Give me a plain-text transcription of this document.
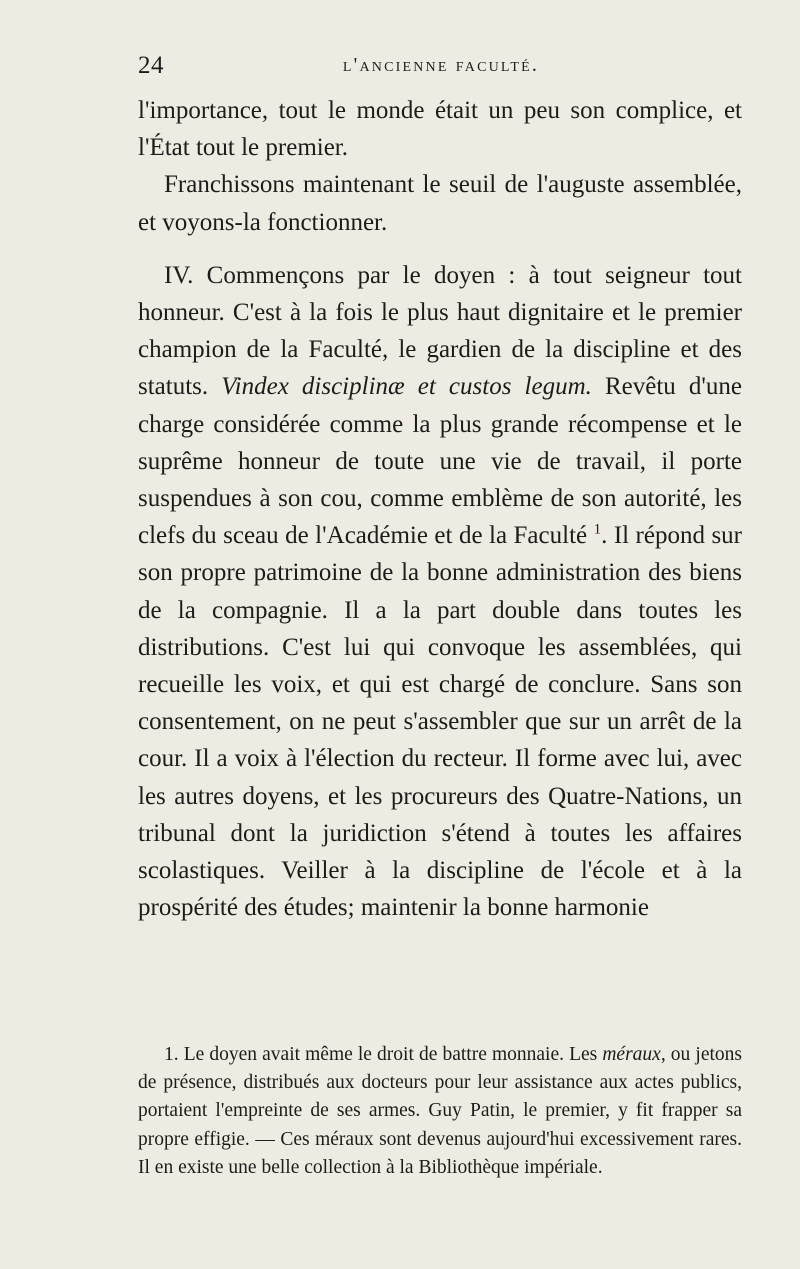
24	l'ancienne faculté.

l'importance, tout le monde était un peu son complice, et l'État tout le premier.

Franchissons maintenant le seuil de l'auguste assemblée, et voyons-la fonctionner.

IV. Commençons par le doyen : à tout seigneur tout honneur. C'est à la fois le plus haut dignitaire et le premier champion de la Faculté, le gardien de la discipline et des statuts. Vindex disciplinæ et custos legum. Revêtu d'une charge considérée comme la plus grande récompense et le suprême honneur de toute une vie de travail, il porte suspendues à son cou, comme emblème de son autorité, les clefs du sceau de l'Académie et de la Faculté $^1$. Il répond sur son propre patrimoine de la bonne administration des biens de la compagnie. Il a la part double dans toutes les distributions. C'est lui qui convoque les assemblées, qui recueille les voix, et qui est chargé de conclure. Sans son consentement, on ne peut s'assembler que sur un arrêt de la cour. Il a voix à l'élection du recteur. Il forme avec lui, avec les autres doyens, et les procureurs des Quatre-Nations, un tribunal dont la juridiction s'étend à toutes les affaires scolastiques. Veiller à la discipline de l'école et à la prospérité des études; maintenir la bonne harmonie

1. Le doyen avait même le droit de battre monnaie. Les méraux, ou jetons de présence, distribués aux docteurs pour leur assistance aux actes publics, portaient l'empreinte de ses armes. Guy Patin, le premier, y fit frapper sa propre effigie. — Ces méraux sont devenus aujourd'hui excessivement rares. Il en existe une belle collection à la Bibliothèque impériale.
